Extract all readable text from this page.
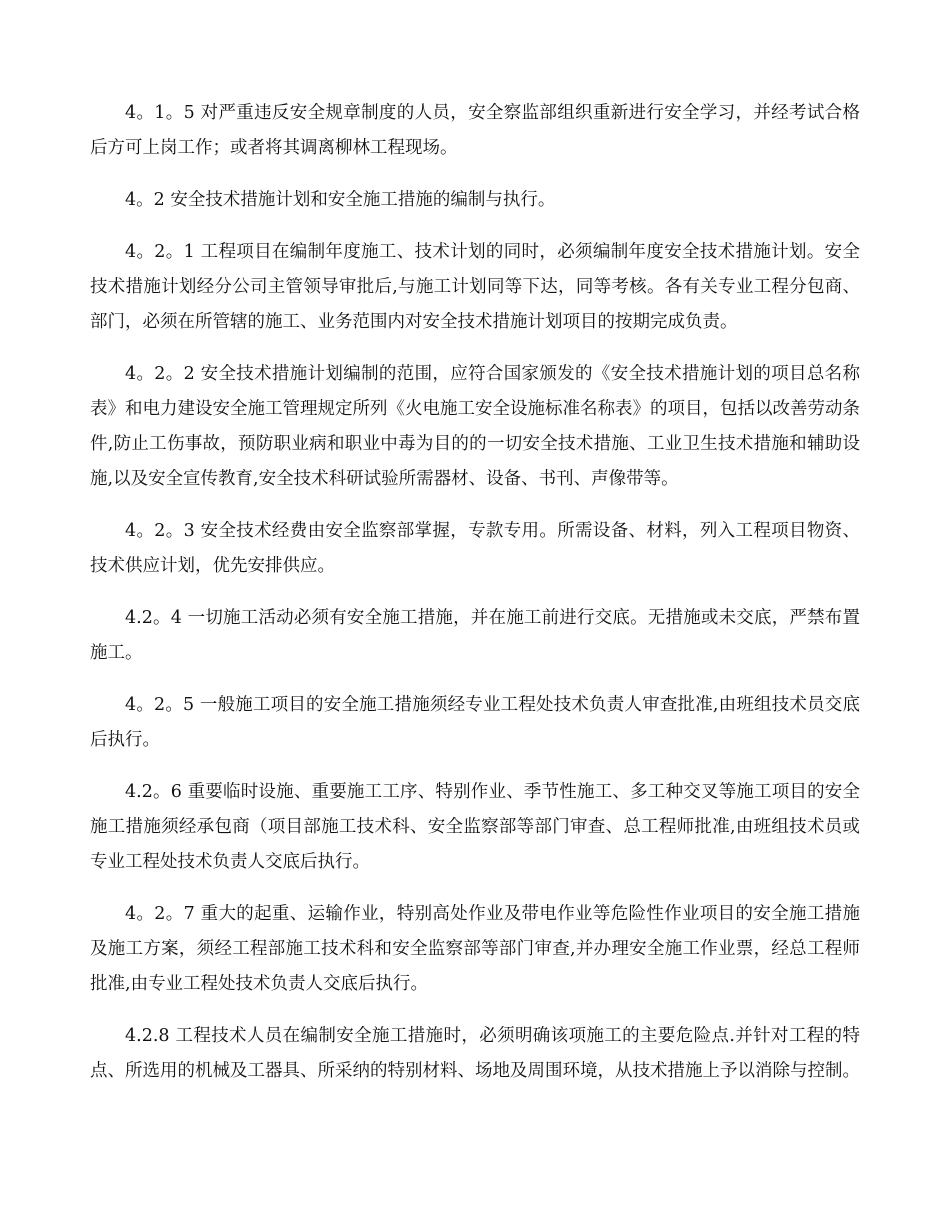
4。1。5 对严重违反安全规章制度的人员，安全察监部组织重新进行安全学习，并经考试合格后方可上岗工作；或者将其调离柳林工程现场。

4。2 安全技术措施计划和安全施工措施的编制与执行。

4。2。1 工程项目在编制年度施工、技术计划的同时，必须编制年度安全技术措施计划。安全技术措施计划经分公司主管领导审批后,与施工计划同等下达，同等考核。各有关专业工程分包商、部门，必须在所管辖的施工、业务范围内对安全技术措施计划项目的按期完成负责。

4。2。2 安全技术措施计划编制的范围，应符合国家颁发的《安全技术措施计划的项目总名称表》和电力建设安全施工管理规定所列《火电施工安全设施标准名称表》的项目，包括以改善劳动条件,防止工伤事故，预防职业病和职业中毒为目的的一切安全技术措施、工业卫生技术措施和辅助设施,以及安全宣传教育,安全技术科研试验所需器材、设备、书刊、声像带等。

4。2。3 安全技术经费由安全监察部掌握，专款专用。所需设备、材料，列入工程项目物资、技术供应计划，优先安排供应。

4.2。4 一切施工活动必须有安全施工措施，并在施工前进行交底。无措施或未交底，严禁布置施工。

4。2。5 一般施工项目的安全施工措施须经专业工程处技术负责人审查批准,由班组技术员交底后执行。

4.2。6 重要临时设施、重要施工工序、特别作业、季节性施工、多工种交叉等施工项目的安全施工措施须经承包商（项目部施工技术科、安全监察部等部门审查、总工程师批准,由班组技术员或专业工程处技术负责人交底后执行。

4。2。7 重大的起重、运输作业，特别高处作业及带电作业等危险性作业项目的安全施工措施及施工方案，须经工程部施工技术科和安全监察部等部门审查,并办理安全施工作业票，经总工程师批准,由专业工程处技术负责人交底后执行。

4.2.8 工程技术人员在编制安全施工措施时，必须明确该项施工的主要危险点.并针对工程的特点、所选用的机械及工器具、所采纳的特别材料、场地及周围环境，从技术措施上予以消除与控制。
